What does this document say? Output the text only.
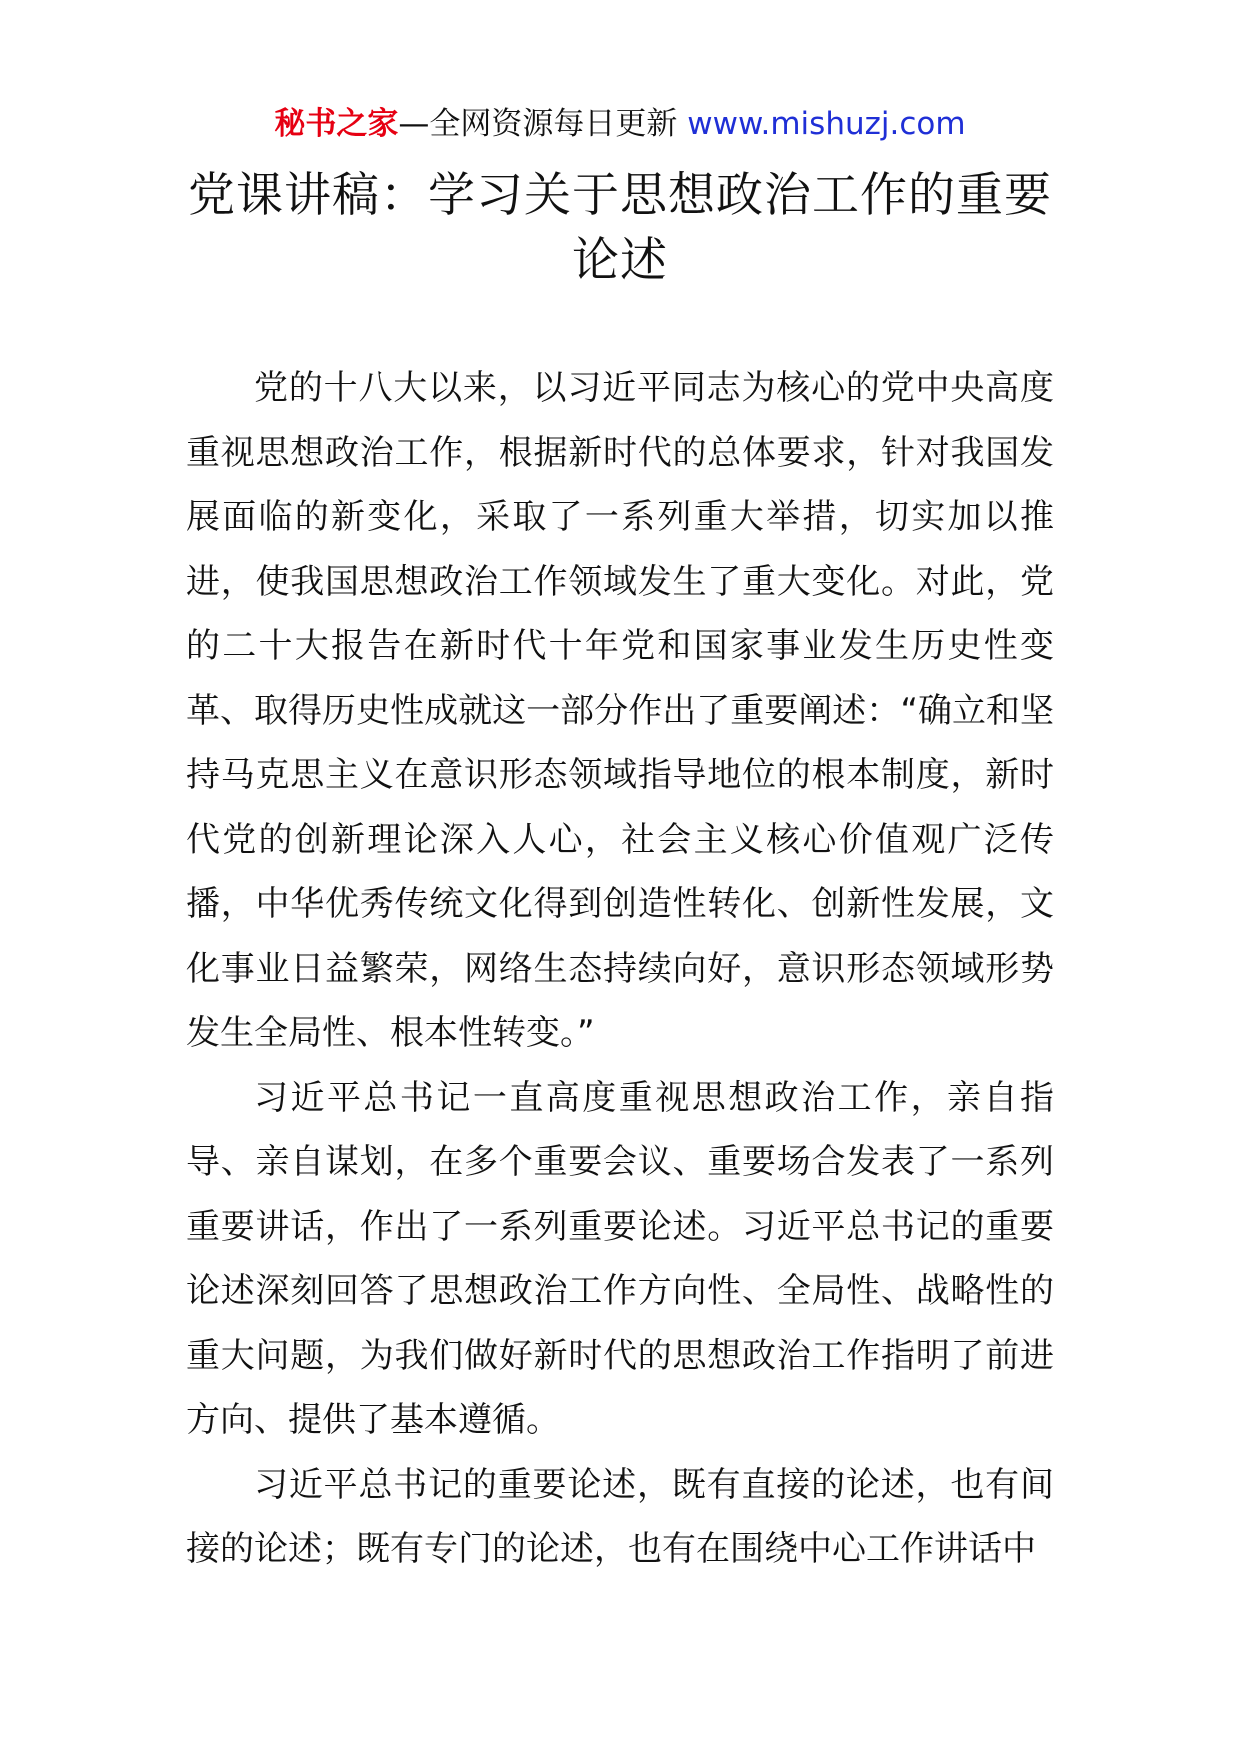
秘书之家—全网资源每日更新 www.mishuzj.com
党课讲稿：学习关于思想政治工作的重要论述

党的十八大以来，以习近平同志为核心的党中央高度重视思想政治工作，根据新时代的总体要求，针对我国发展面临的新变化，采取了一系列重大举措，切实加以推进，使我国思想政治工作领域发生了重大变化。对此，党的二十大报告在新时代十年党和国家事业发生历史性变革、取得历史性成就这一部分作出了重要阐述：“确立和坚持马克思主义在意识形态领域指导地位的根本制度，新时代党的创新理论深入人心，社会主义核心价值观广泛传播，中华优秀传统文化得到创造性转化、创新性发展，文化事业日益繁荣，网络生态持续向好，意识形态领域形势发生全局性、根本性转变。”

习近平总书记一直高度重视思想政治工作，亲自指导、亲自谋划，在多个重要会议、重要场合发表了一系列重要讲话，作出了一系列重要论述。习近平总书记的重要论述深刻回答了思想政治工作方向性、全局性、战略性的重大问题，为我们做好新时代的思想政治工作指明了前进方向、提供了基本遵循。

习近平总书记的重要论述，既有直接的论述，也有间接的论述；既有专门的论述，也有在围绕中心工作讲话中
